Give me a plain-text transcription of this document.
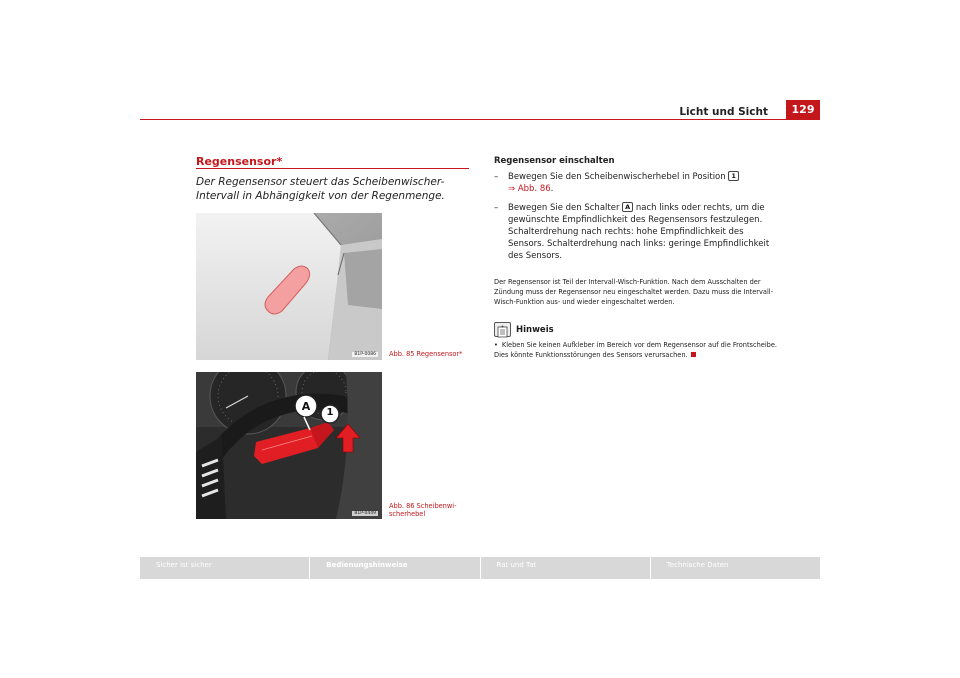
Licht und Sicht	129
Regensensor*
Der Regensensor steuert das Scheibenwischer-Intervall in Abhängigkeit von der Regenmenge.
B1P-0086	Abb. 85 Regensensor*
A 1
B1P-0449
Abb. 86 Scheibenwi-scherhebel
Regensensor einschalten
–	Bewegen Sie den Scheibenwischerhebel in Position 1
⇒ Abb. 86.
–	Bewegen Sie den Schalter A nach links oder rechts, um die gewünschte Empfindlichkeit des Regensensors festzulegen. Schalterdrehung nach rechts: hohe Empfindlichkeit des Sensors. Schalterdrehung nach links: geringe Empfindlichkeit des Sensors.
Der Regensensor ist Teil der Intervall-Wisch-Funktion. Nach dem Ausschalten der Zündung muss der Regensensor neu eingeschaltet werden. Dazu muss die Intervall-Wisch-Funktion aus- und wieder eingeschaltet werden.
Hinweis
• Kleben Sie keinen Aufkleber im Bereich vor dem Regensensor auf die Frontscheibe. Dies könnte Funktionsstörungen des Sensors verursachen.
Sicher ist sicher	Bedienungshinweise	Rat und Tat	Technische Daten
